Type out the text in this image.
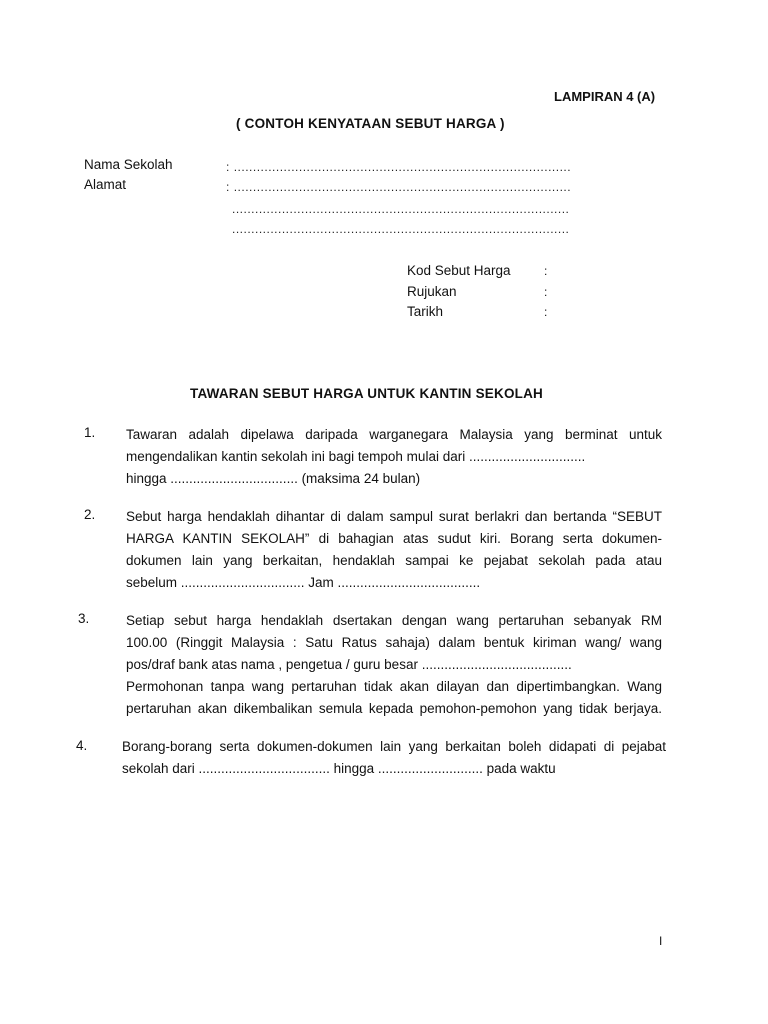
LAMPIRAN 4 (A)
( CONTOH KENYATAAN SEBUT HARGA )
Nama Sekolah	: ........................................................................................
Alamat	: ........................................................................................
........................................................................................
........................................................................................
Kod Sebut Harga	:
Rujukan	:
Tarikh	:
TAWARAN SEBUT HARGA UNTUK KANTIN SEKOLAH
1. Tawaran adalah dipelawa daripada warganegara Malaysia yang berminat untuk
mengendalikan kantin sekolah ini bagi tempoh mulai dari ...............................
hingga .................................. (maksima 24 bulan)
2. Sebut harga hendaklah dihantar di dalam sampul surat berlakri dan bertanda “SEBUT
HARGA KANTIN SEKOLAH” di bahagian atas sudut kiri. Borang serta dokumen-
dokumen lain yang berkaitan, hendaklah sampai ke pejabat sekolah pada atau
sebelum ................................. Jam ......................................
3.	Setiap sebut harga hendaklah dsertakan dengan wang pertaruhan sebanyak RM
100.00 (Ringgit Malaysia : Satu Ratus sahaja) dalam bentuk kiriman wang/ wang
pos/draf bank atas nama , pengetua / guru besar ........................................
Permohonan tanpa wang pertaruhan tidak akan dilayan dan dipertimbangkan. Wang
pertaruhan akan dikembalikan semula kepada pemohon-pemohon yang tidak berjaya.
4.	Borang-borang serta dokumen-dokumen lain yang berkaitan boleh didapati di pejabat
sekolah dari ................................... hingga ............................ pada waktu
I
